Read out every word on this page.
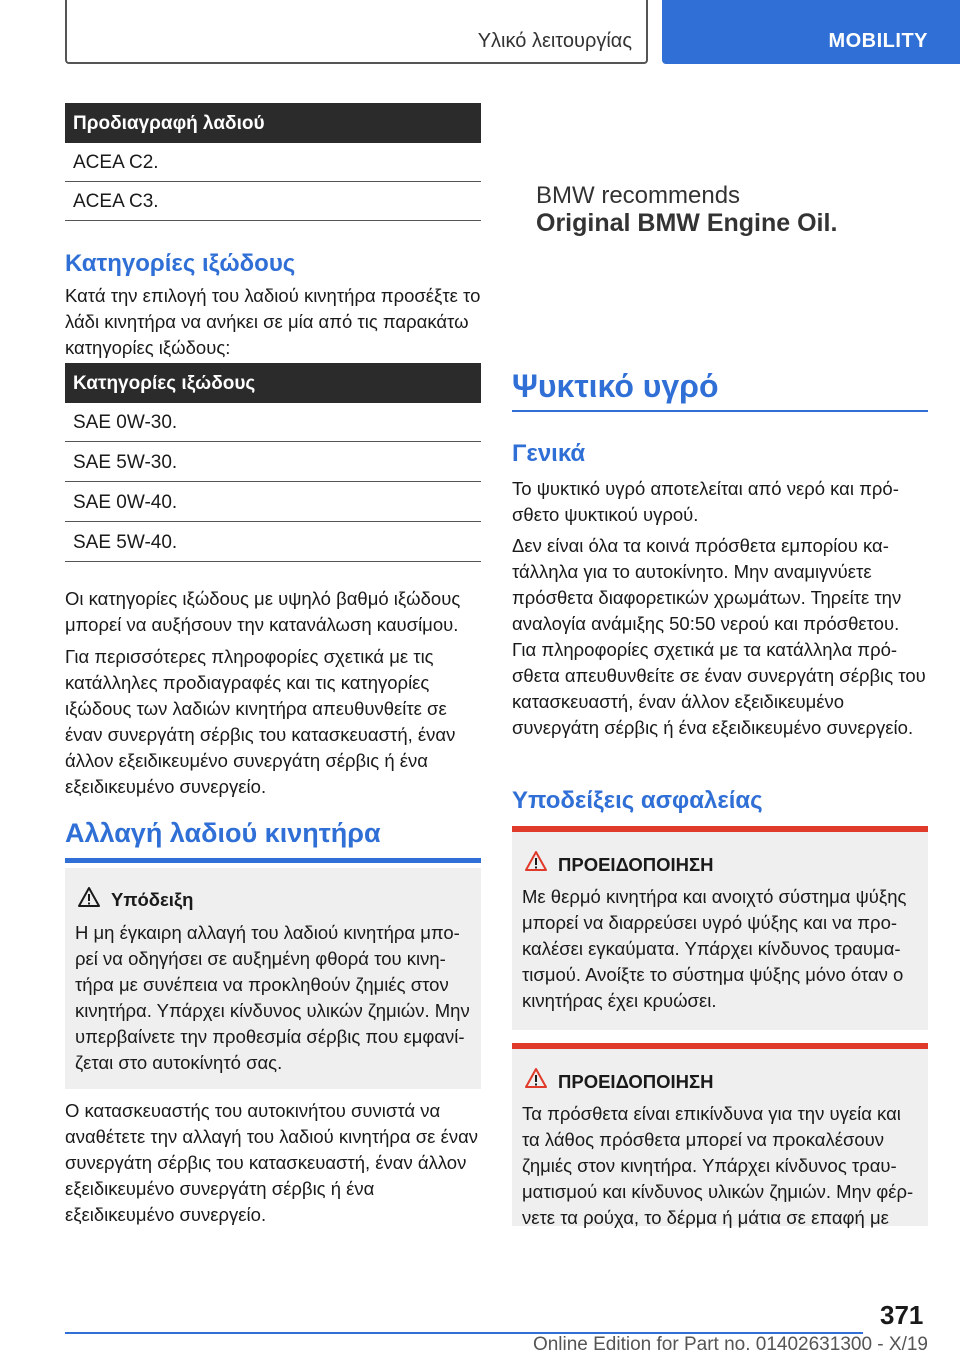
Υλικό λειτουργίας	MOBILITY
Προδιαγραφή λαδιού
ACEA C2.
ACEA C3.
Κατηγορίες ιξώδους

Κατά την επιλογή του λαδιού κινητήρα προσέξτε το λάδι κινητήρα να ανήκει σε μία από τις παρακάτω κατηγορίες ιξώδους:

Κατηγορίες ιξώδους
SAE 0W-30.
SAE 5W-30.
SAE 0W-40.
SAE 5W-40.

Οι κατηγορίες ιξώδους με υψηλό βαθμό ιξώδους μπορεί να αυξήσουν την κατανάλωση καυσίμου.

Για περισσότερες πληροφορίες σχετικά με τις κατάλληλες προδιαγραφές και τις κατηγορίες ιξώδους των λαδιών κινητήρα απευθυνθείτε σε έναν συνεργάτη σέρβις του κατασκευαστή, έναν άλλον εξειδικευμένο συνεργάτη σέρβις ή ένα εξειδικευμένο συνεργείο.

Αλλαγή λαδιού κινητήρα
Υπόδειξη

Η μη έγκαιρη αλλαγή του λαδιού κινητήρα μπορεί να οδηγήσει σε αυξημένη φθορά του κινητήρα με συνέπεια να προκληθούν ζημιές στον κινητήρα. Υπάρχει κίνδυνος υλικών ζημιών. Μην υπερβαίνετε την προθεσμία σέρβις που εμφανίζεται στο αυτοκίνητό σας.

Ο κατασκευαστής του αυτοκινήτου συνιστά να αναθέτετε την αλλαγή του λαδιού κινητήρα σε έναν συνεργάτη σέρβις του κατασκευαστή, έναν άλλον εξειδικευμένο συνεργάτη σέρβις ή ένα εξειδικευμένο συνεργείο.

BMW recommends
Original BMW Engine Oil.
Ψυκτικό υγρό
Γενικά

Το ψυκτικό υγρό αποτελείται από νερό και πρόσθετο ψυκτικού υγρού.

Δεν είναι όλα τα κοινά πρόσθετα εμπορίου κατάλληλα για το αυτοκίνητο. Μην αναμιγνύετε πρόσθετα διαφορετικών χρωμάτων. Τηρείτε την αναλογία ανάμιξης 50:50 νερού και πρόσθετου. Για πληροφορίες σχετικά με τα κατάλληλα πρόσθετα απευθυνθείτε σε έναν συνεργάτη σέρβις του κατασκευαστή, έναν άλλον εξειδικευμένο συνεργάτη σέρβις ή ένα εξειδικευμένο συνεργείο.

Υποδείξεις ασφαλείας
ΠΡΟΕΙΔΟΠΟΙΗΣΗ

Με θερμό κινητήρα και ανοιχτό σύστημα ψύξης μπορεί να διαρρεύσει υγρό ψύξης και να προκαλέσει εγκαύματα. Υπάρχει κίνδυνος τραυματισμού. Ανοίξτε το σύστημα ψύξης μόνο όταν ο κινητήρας έχει κρυώσει.

ΠΡΟΕΙΔΟΠΟΙΗΣΗ

Τα πρόσθετα είναι επικίνδυνα για την υγεία και τα λάθος πρόσθετα μπορεί να προκαλέσουν ζημιές στον κινητήρα. Υπάρχει κίνδυνος τραυματισμού και κίνδυνος υλικών ζημιών. Μην φέρνετε τα ρούχα, το δέρμα ή μάτια σε επαφή με

371
Online Edition for Part no. 01402631300 - X/19
